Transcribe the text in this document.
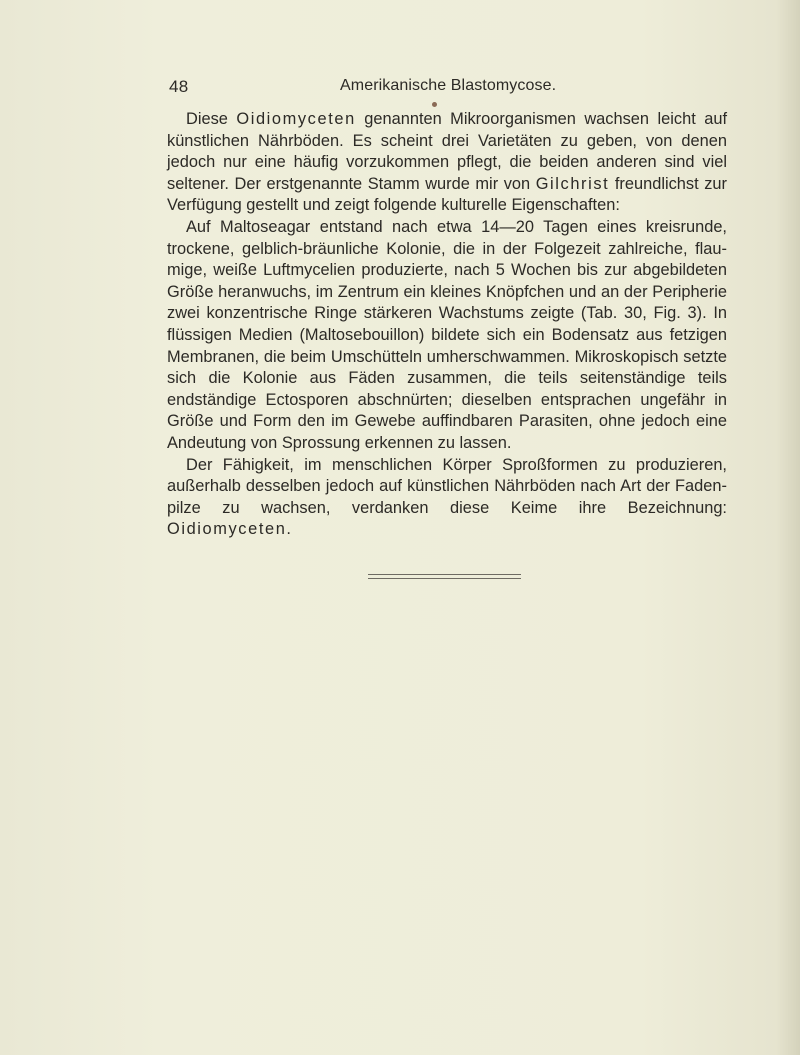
48	Amerikanische Blastomycose.

Diese Oidiomyceten genannten Mikroorganismen wachsen leicht auf künstlichen Nährböden. Es scheint drei Varietäten zu geben, von denen jedoch nur eine häufig vorzukommen pflegt, die beiden anderen sind viel seltener. Der erstgenannte Stamm wurde mir von Gilchrist freundlichst zur Verfügung gestellt und zeigt folgende kulturelle Eigenschaften:

Auf Maltoseagar entstand nach etwa 14—20 Tagen eines kreisrunde, trockene, gelblich-bräunliche Kolonie, die in der Folgezeit zahlreiche, flaumige, weiße Luftmycelien produzierte, nach 5 Wochen bis zur abgebildeten Größe heranwuchs, im Zentrum ein kleines Knöpfchen und an der Peripherie zwei konzentrische Ringe stärkeren Wachstums zeigte (Tab. 30, Fig. 3). In flüssigen Medien (Maltosebouillon) bildete sich ein Bodensatz aus fetzigen Membranen, die beim Umschütteln umherschwammen. Mikroskopisch setzte sich die Kolonie aus Fäden zusammen, die teils seitenständige teils endständige Ectosporen abschnürten; dieselben entsprachen ungefähr in Größe und Form den im Gewebe auffindbaren Parasiten, ohne jedoch eine Andeutung von Sprossung erkennen zu lassen.

Der Fähigkeit, im menschlichen Körper Sproßformen zu produzieren, außerhalb desselben jedoch auf künstlichen Nährböden nach Art der Fadenpilze zu wachsen, verdanken diese Keime ihre Bezeichnung: Oidiomyceten.
